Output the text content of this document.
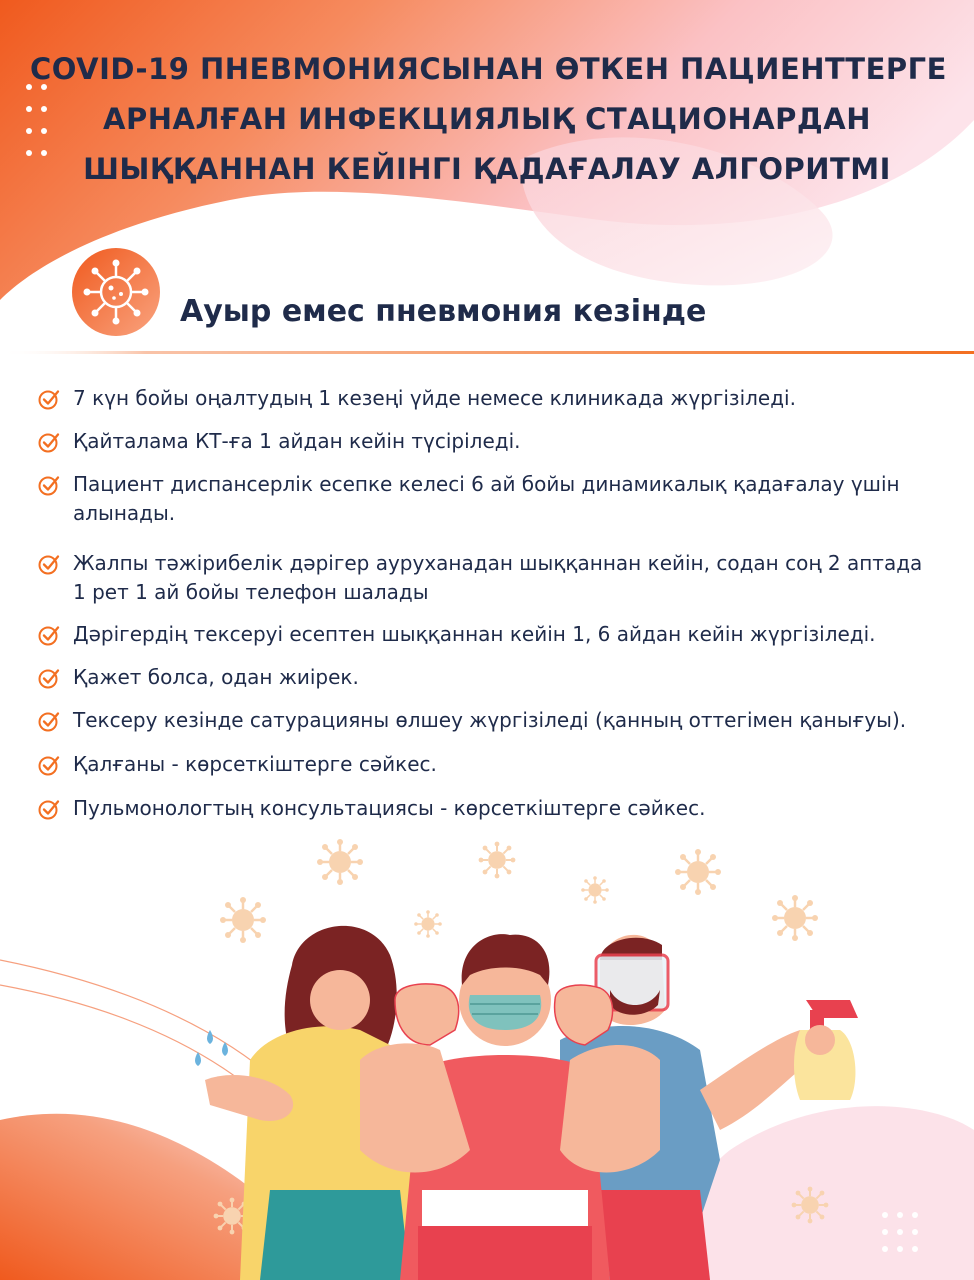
COVID-19 ПНЕВМОНИЯСЫНАН ӨТКЕН ПАЦИЕНТТЕРГЕ
АРНАЛҒАН ИНФЕКЦИЯЛЫҚ СТАЦИОНАРДАН
ШЫҚҚАННАН КЕЙІНГІ ҚАДАҒАЛАУ АЛГОРИТМІ
Ауыр емес пневмония кезінде
7 күн бойы оңалтудың 1 кезеңі үйде немесе клиникада жүргізіледі.
Қайталама КТ-ға 1 айдан кейін түсіріледі.
Пациент диспансерлік есепке келесі 6 ай бойы динамикалық қадағалау үшін алынады.
Жалпы тәжірибелік дәрігер ауруханадан шыққаннан кейін, содан соң 2 аптада 1 рет 1 ай бойы телефон шалады
Дәрігердің тексеруі есептен шыққаннан кейін 1, 6 айдан кейін жүргізіледі.
Қажет болса, одан жиірек.
Тексеру кезінде сатурацияны өлшеу жүргізіледі (қанның оттегімен қанығуы).
Қалғаны - көрсеткіштерге сәйкес.
Пульмонологтың консультациясы - көрсеткіштерге сәйкес.
